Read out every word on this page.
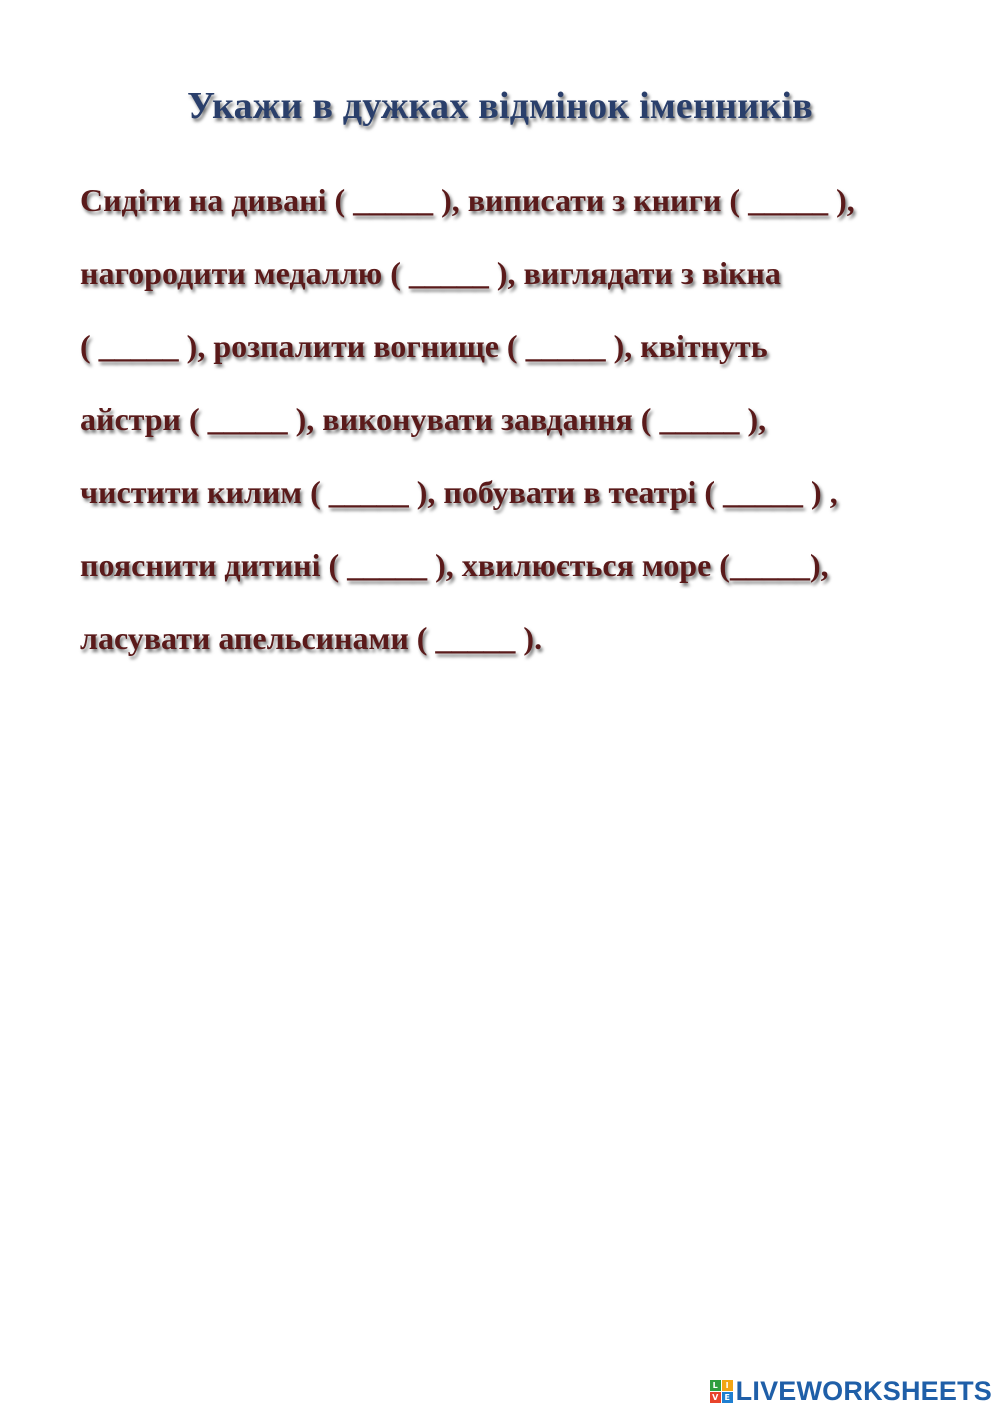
Укажи в дужках відмінок іменників
Сидіти на дивані ( _____ ), виписати з книги ( _____ ),
нагородити медаллю ( _____ ), виглядати з вікна
( _____ ), розпалити вогнище ( _____ ), квітнуть
айстри ( _____ ), виконувати завдання ( _____ ),
чистити килим ( _____ ), побувати в театрі ( _____ ) ,
пояснити дитині ( _____ ), хвилюється море (_____),
ласувати апельсинами ( _____ ).
L I
V E LIVEWORKSHEETS
